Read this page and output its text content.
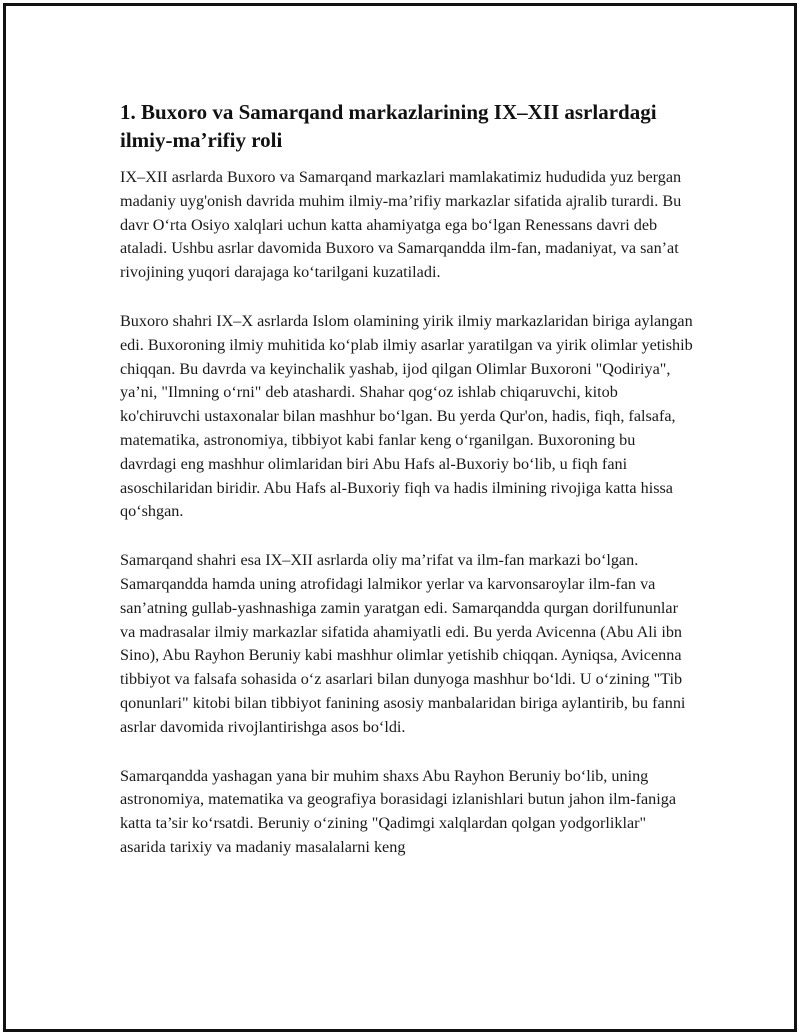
1. Buxoro va Samarqand markazlarining IX–XII asrlardagi ilmiy-ma’rifiy roli

IX–XII asrlarda Buxoro va Samarqand markazlari mamlakatimiz hududida yuz bergan madaniy uyg'onish davrida muhim ilmiy-ma’rifiy markazlar sifatida ajralib turardi. Bu davr O‘rta Osiyo xalqlari uchun katta ahamiyatga ega bo‘lgan Renessans davri deb ataladi. Ushbu asrlar davomida Buxoro va Samarqandda ilm-fan, madaniyat, va san’at rivojining yuqori darajaga ko‘tarilgani kuzatiladi.

Buxoro shahri IX–X asrlarda Islom olamining yirik ilmiy markazlaridan biriga aylangan edi. Buxoroning ilmiy muhitida ko‘plab ilmiy asarlar yaratilgan va yirik olimlar yetishib chiqqan. Bu davrda va keyinchalik yashab, ijod qilgan Olimlar Buxoroni "Qodiriya", ya’ni, "Ilmning o‘rni" deb atashardi. Shahar qog‘oz ishlab chiqaruvchi, kitob ko'chiruvchi ustaxonalar bilan mashhur bo‘lgan. Bu yerda Qur'on, hadis, fiqh, falsafa, matematika, astronomiya, tibbiyot kabi fanlar keng o‘rganilgan. Buxoroning bu davrdagi eng mashhur olimlaridan biri Abu Hafs al-Buxoriy bo‘lib, u fiqh fani asoschilaridan biridir. Abu Hafs al-Buxoriy fiqh va hadis ilmining rivojiga katta hissa qo‘shgan.

Samarqand shahri esa IX–XII asrlarda oliy ma’rifat va ilm-fan markazi bo‘lgan. Samarqandda hamda uning atrofidagi lalmikor yerlar va karvonsaroylar ilm-fan va san’atning gullab-yashnashiga zamin yaratgan edi. Samarqandda qurgan dorilfununlar va madrasalar ilmiy markazlar sifatida ahamiyatli edi. Bu yerda Avicenna (Abu Ali ibn Sino), Abu Rayhon Beruniy kabi mashhur olimlar yetishib chiqqan. Ayniqsa, Avicenna tibbiyot va falsafa sohasida o‘z asarlari bilan dunyoga mashhur bo‘ldi. U o‘zining "Tib qonunlari" kitobi bilan tibbiyot fanining asosiy manbalaridan biriga aylantirib, bu fanni asrlar davomida rivojlantirishga asos bo‘ldi.

Samarqandda yashagan yana bir muhim shaxs Abu Rayhon Beruniy bo‘lib, uning astronomiya, matematika va geografiya borasidagi izlanishlari butun jahon ilm-faniga katta ta’sir ko‘rsatdi. Beruniy o‘zining "Qadimgi xalqlardan qolgan yodgorliklar" asarida tarixiy va madaniy masalalarni keng
